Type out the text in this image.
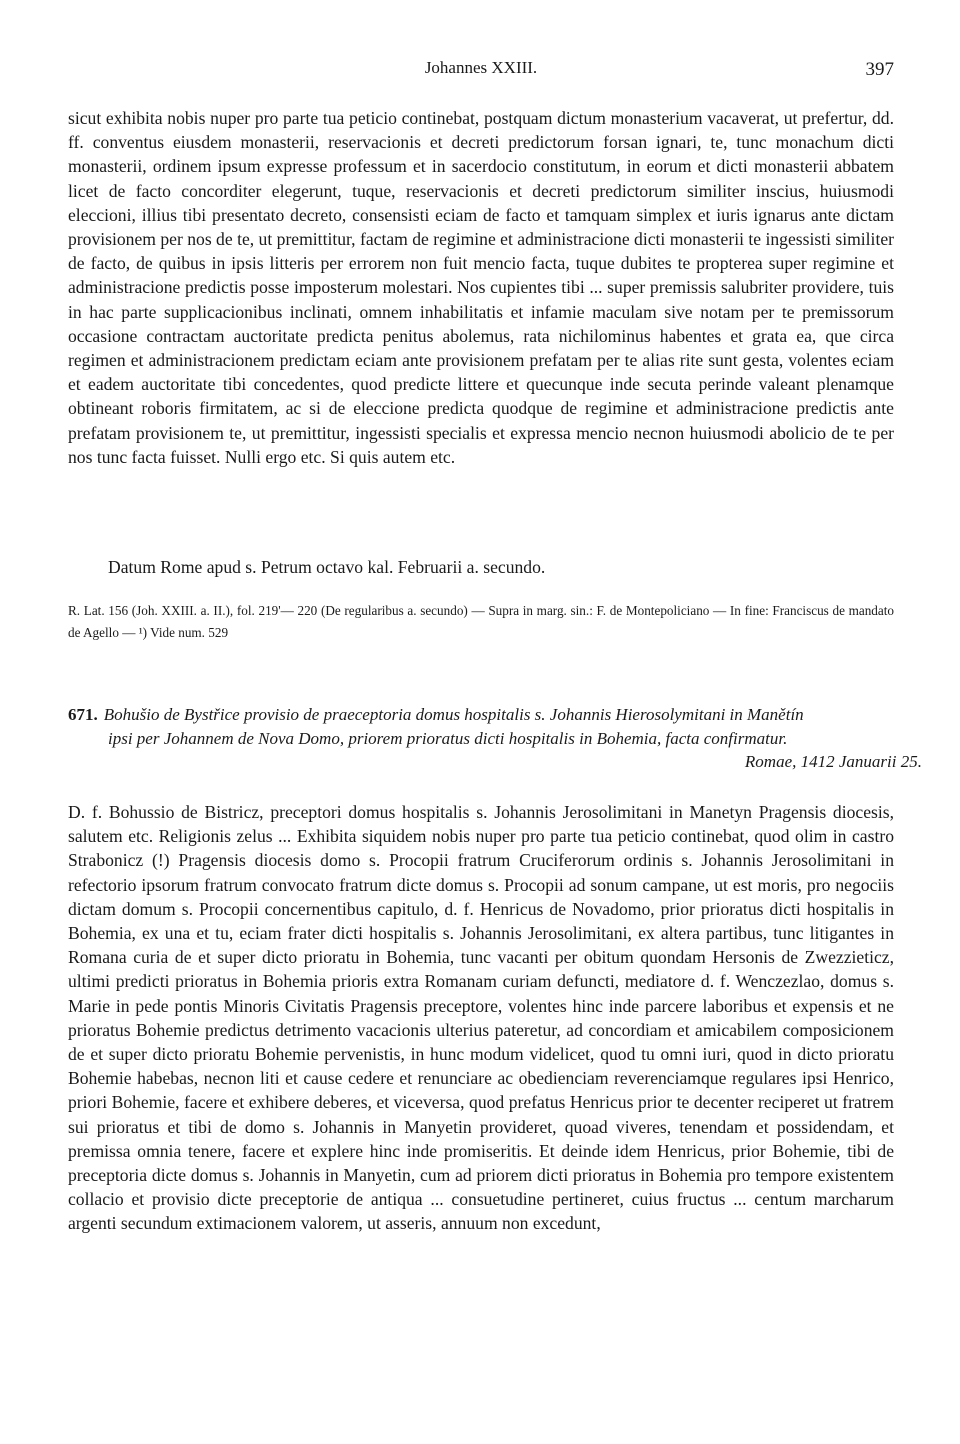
Johannes XXIII.	397

sicut exhibita nobis nuper pro parte tua peticio continebat, postquam dictum monasterium vacaverat, ut prefertur, dd. ff. conventus eiusdem monasterii, reservacionis et decreti predictorum forsan ignari, te, tunc monachum dicti monasterii, ordinem ipsum expresse professum et in sacerdocio constitutum, in eorum et dicti monasterii abbatem licet de facto concorditer elegerunt, tuque, reservacionis et decreti predictorum similiter inscius, huiusmodi eleccioni, illius tibi presentato decreto, consensisti eciam de facto et tamquam simplex et iuris ignarus ante dictam provisionem per nos de te, ut premittitur, factam de regimine et administracione dicti monasterii te ingessisti similiter de facto, de quibus in ipsis litteris per errorem non fuit mencio facta, tuque dubites te propterea super regimine et administracione predictis posse imposterum molestari. Nos cupientes tibi ... super premissis salubriter providere, tuis in hac parte supplicacionibus inclinati, omnem inhabilitatis et infamie maculam sive notam per te premissorum occasione contractam auctoritate predicta penitus abolemus, rata nichilominus habentes et grata ea, que circa regimen et administracionem predictam eciam ante provisionem prefatam per te alias rite sunt gesta, volentes eciam et eadem auctoritate tibi concedentes, quod predicte littere et quecunque inde secuta perinde valeant plenamque obtineant roboris firmitatem, ac si de eleccione predicta quodque de regimine et administracione predictis ante prefatam provisionem te, ut premittitur, ingessisti specialis et expressa mencio necnon huiusmodi abolicio de te per nos tunc facta fuisset. Nulli ergo etc. Si quis autem etc.

Datum Rome apud s. Petrum octavo kal. Februarii a. secundo.

R. Lat. 156 (Joh. XXIII. a. II.), fol. 219'— 220 (De regularibus a. secundo) — Supra in marg. sin.: F. de Montepoliciano — In fine: Franciscus de mandato de Agello — ¹) Vide num. 529

671. Bohušio de Bystřice provisio de praeceptoria domus hospitalis s. Johannis Hierosolymitani in Manětín
ipsi per Johannem de Nova Domo, priorem prioratus dicti hospitalis in Bohemia, facta confirmatur.

Romae, 1412 Januarii 25.

D. f. Bohussio de Bistricz, preceptori domus hospitalis s. Johannis Jerosolimitani in Manetyn Pragensis diocesis, salutem etc. Religionis zelus ... Exhibita siquidem nobis nuper pro parte tua peticio continebat, quod olim in castro Strabonicz (!) Pragensis diocesis domo s. Procopii fratrum Cruciferorum ordinis s. Johannis Jerosolimitani in refectorio ipsorum fratrum convocato fratrum dicte domus s. Procopii ad sonum campane, ut est moris, pro negociis dictam domum s. Procopii concernentibus capitulo, d. f. Henricus de Novadomo, prior prioratus dicti hospitalis in Bohemia, ex una et tu, eciam frater dicti hospitalis s. Johannis Jerosolimitani, ex altera partibus, tunc litigantes in Romana curia de et super dicto prioratu in Bohemia, tunc vacanti per obitum quondam Hersonis de Zwezzieticz, ultimi predicti prioratus in Bohemia prioris extra Romanam curiam defuncti, mediatore d. f. Wenczezlao, domus s. Marie in pede pontis Minoris Civitatis Pragensis preceptore, volentes hinc inde parcere laboribus et expensis et ne prioratus Bohemie predictus detrimento vacacionis ulterius pateretur, ad concordiam et amicabilem composicionem de et super dicto prioratu Bohemie pervenistis, in hunc modum videlicet, quod tu omni iuri, quod in dicto prioratu Bohemie habebas, necnon liti et cause cedere et renunciare ac obedienciam reverenciamque regulares ipsi Henrico, priori Bohemie, facere et exhibere deberes, et viceversa, quod prefatus Henricus prior te decenter reciperet ut fratrem sui prioratus et tibi de domo s. Johannis in Manyetin provideret, quoad viveres, tenendam et possidendam, et premissa omnia tenere, facere et explere hinc inde promiseritis. Et deinde idem Henricus, prior Bohemie, tibi de preceptoria dicte domus s. Johannis in Manyetin, cum ad priorem dicti prioratus in Bohemia pro tempore existentem collacio et provisio dicte preceptorie de antiqua ... consuetudine pertineret, cuius fructus ... centum marcharum argenti secundum extimacionem valorem, ut asseris, annuum non excedunt,
